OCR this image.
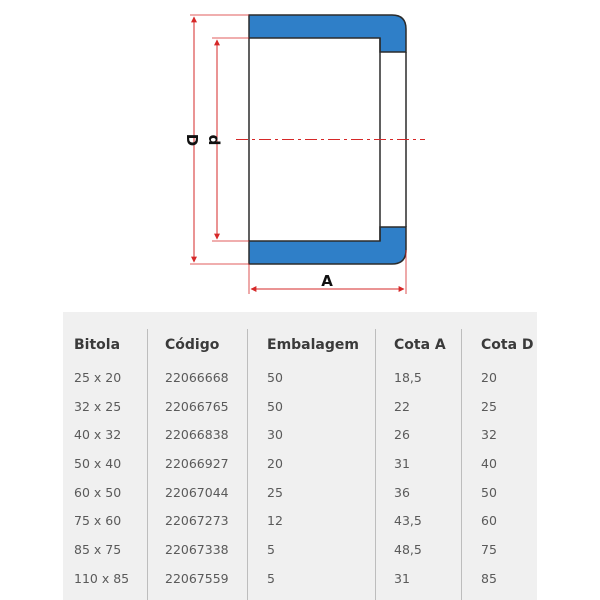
D d
A
Bitola
25 x 20
32 x 25
40 x 32
50 x 40
60 x 50
75 x 60
85 x 75
110 x 85
Código
22066668
22066765
22066838
22066927
22067044
22067273
22067338
22067559
Embalagem
50
50
30
20
25
12
5
5
Cota A
18,5
22
26
31
36
43,5
48,5
31
Cota D
20
25
32
40
50
60
75
85
